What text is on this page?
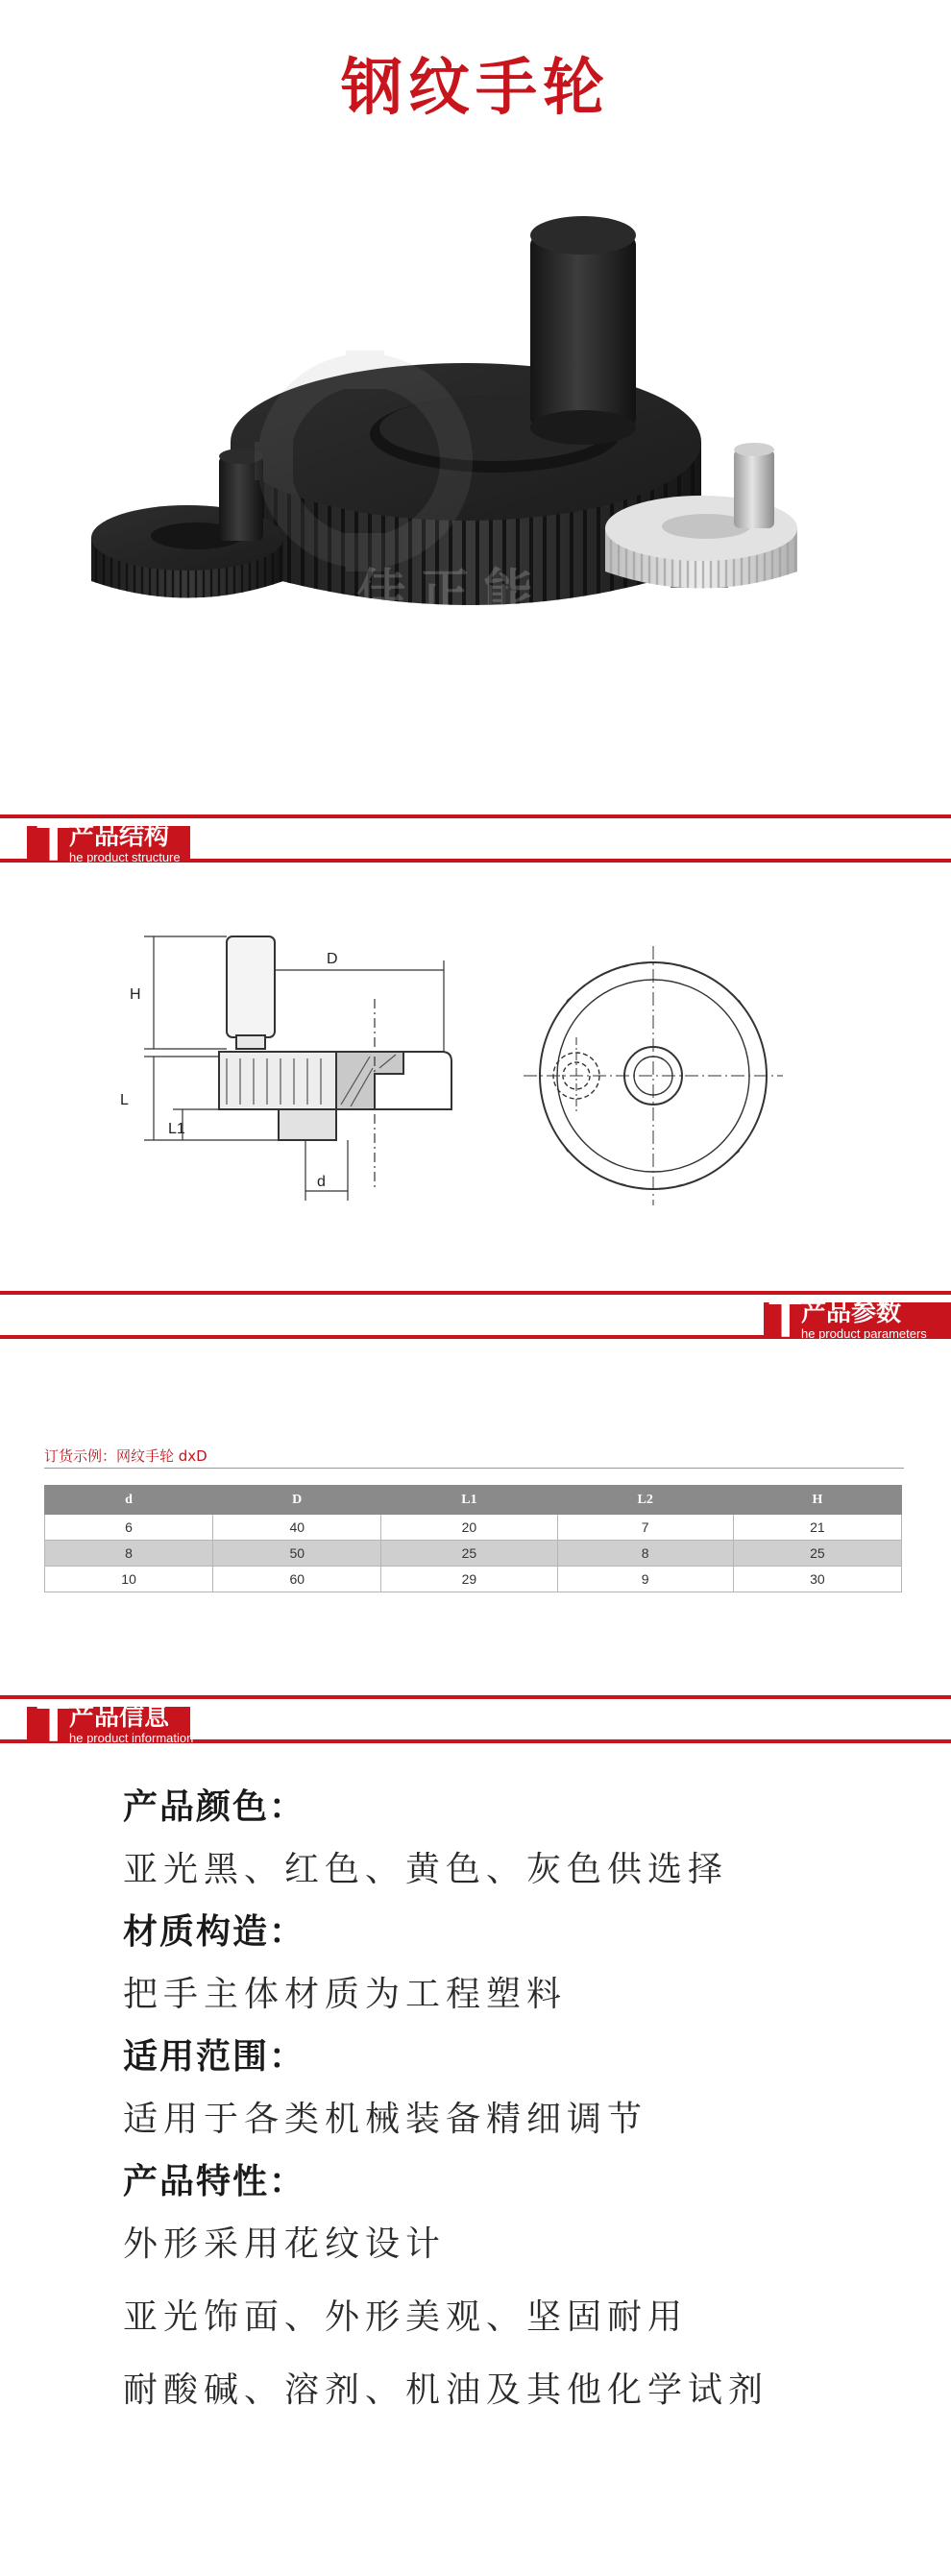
钢纹手轮
佳正能
T
产品结构
he product structure
H
D
L
L1
d
T
产品参数
he product parameters
订货示例：网纹手轮 dxD
d	D	L1	L2	H
6	40	20	7	21
8	50	25	8	25
10	60	29	9	30
T
产品信息
he product information
产品颜色：
亚光黑、红色、黄色、灰色供选择
材质构造：
把手主体材质为工程塑料
适用范围：
适用于各类机械装备精细调节
产品特性：
外形采用花纹设计
亚光饰面、外形美观、坚固耐用
耐酸碱、溶剂、机油及其他化学试剂
